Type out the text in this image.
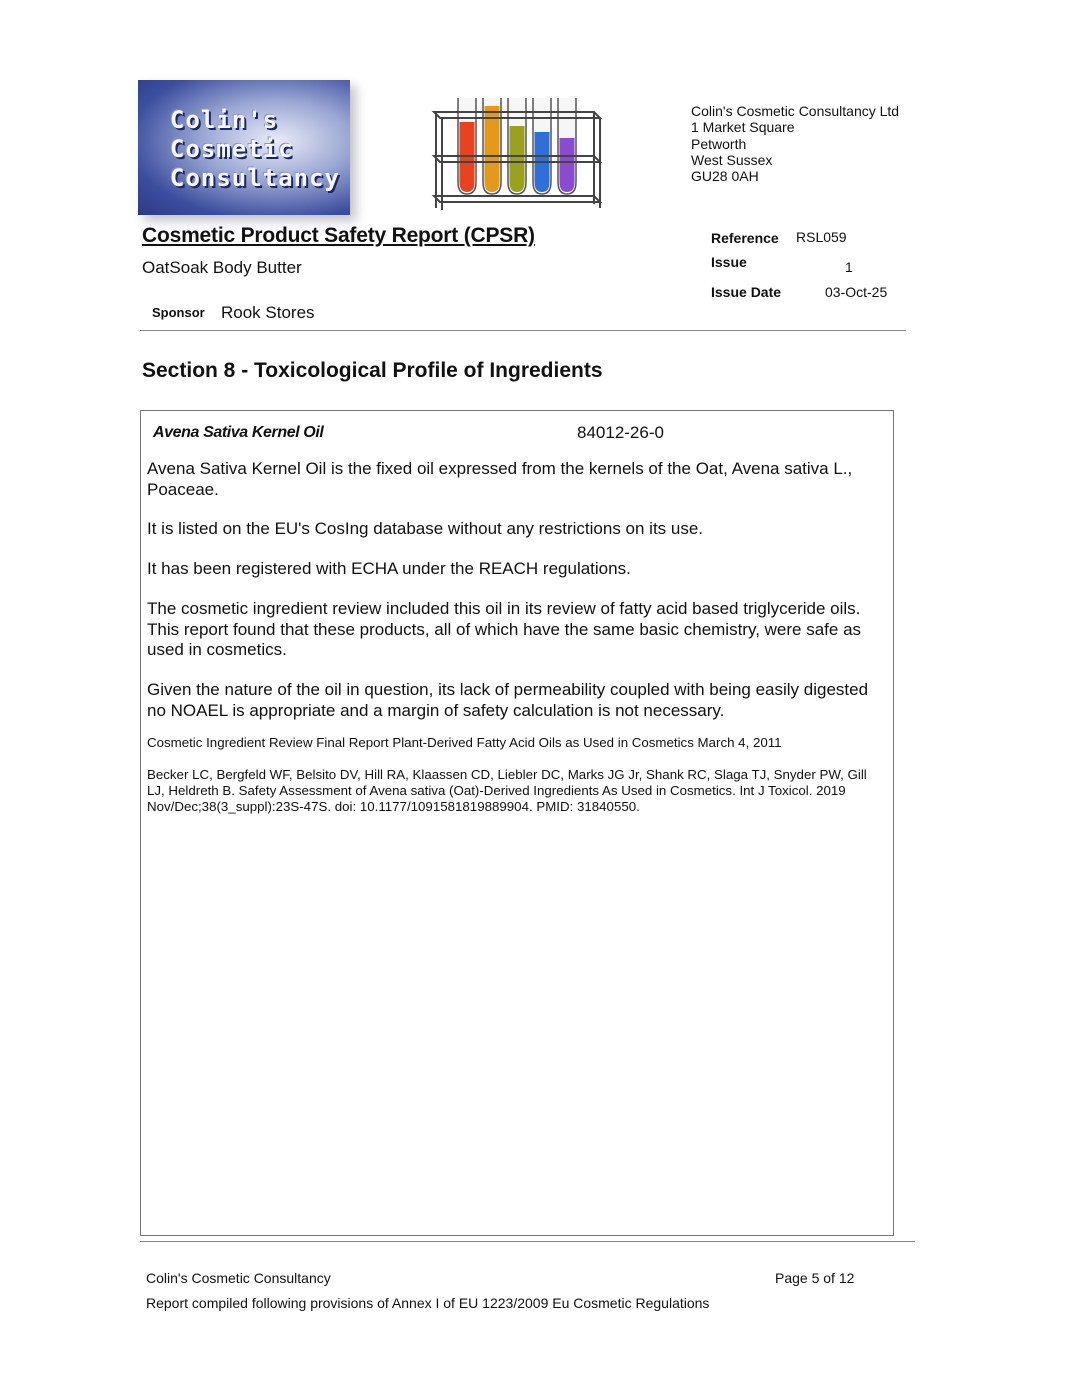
Colin's
Cosmetic
Consultancy
Colin's Cosmetic Consultancy Ltd
1 Market Square
Petworth
West Sussex
GU28 0AH
Cosmetic Product Safety Report (CPSR)
OatSoak Body Butter
Sponsor Rook Stores
Reference RSL059
Issue	1
Issue Date	03-Oct-25
Section 8 - Toxicological Profile of Ingredients
Avena Sativa Kernel Oil	84012-26-0
Avena Sativa Kernel Oil is the fixed oil expressed from the kernels of the Oat, Avena sativa L., Poaceae.
It is listed on the EU's CosIng database without any restrictions on its use.
It has been registered with ECHA under the REACH regulations.
The cosmetic ingredient review included this oil in its review of fatty acid based triglyceride oils. This report found that these products, all of which have the same basic chemistry, were safe as used in cosmetics.
Given the nature of the oil in question, its lack of permeability coupled with being easily digested no NOAEL is appropriate and a margin of safety calculation is not necessary.
Cosmetic Ingredient Review Final Report Plant-Derived Fatty Acid Oils as Used in Cosmetics March 4, 2011
Becker LC, Bergfeld WF, Belsito DV, Hill RA, Klaassen CD, Liebler DC, Marks JG Jr, Shank RC, Slaga TJ, Snyder PW, Gill LJ, Heldreth B. Safety Assessment of Avena sativa (Oat)-Derived Ingredients As Used in Cosmetics. Int J Toxicol. 2019 Nov/Dec;38(3_suppl):23S-47S. doi: 10.1177/1091581819889904. PMID: 31840550.
Colin's Cosmetic Consultancy	Page 5 of 12
Report compiled following provisions of Annex I of EU 1223/2009 Eu Cosmetic Regulations
